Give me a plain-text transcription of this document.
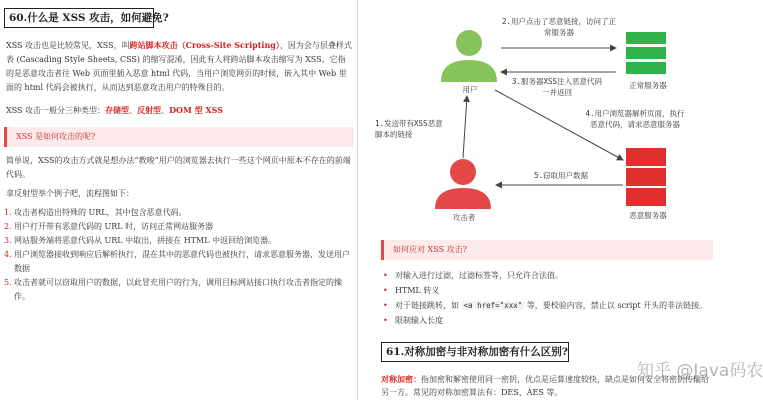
60.什么是 XSS 攻击，如何避免?

XSS 攻击也是比较常见，XSS，叫跨站脚本攻击（Cross-Site Scripting），因为会与层叠样式表 (Cascading Style Sheets, CSS) 的缩写混淆，因此有人将跨站脚本攻击缩写为 XSS。它指的是恶意攻击者往 Web 页面里插入恶意 html 代码，当用户浏览网页的时候，嵌入其中 Web 里面的 html 代码会被执行，从而达到恶意攻击用户的特殊目的。

XSS 攻击一般分三种类型：存储型、反射型、DOM 型 XSS

XSS 是如何攻击的呢?

简单说，XSS的攻击方式就是想办法“教唆”用户的浏览器去执行一些这个网页中原本不存在的前端代码。

拿反射型举个例子吧，流程图如下：

1. 攻击者构造出特殊的 URL，其中包含恶意代码。
2. 用户打开带有恶意代码的 URL 时，访问正常网站服务器
3. 网站服务端将恶意代码从 URL 中取出，拼接在 HTML 中返回给浏览器。
4. 用户浏览器接收到响应后解析执行，混在其中的恶意代码也被执行，请求恶意服务器，发送用户数据
5. 攻击者就可以窃取用户的数据，以此冒充用户的行为，调用目标网站接口执行攻击者指定的操作。
2.用户点击了恶意链接，访问了正
常服务器
3.服务器XSS注入恶意代码
一并返回
用户
1.发送带有XSS恶意
脚本的链接
4.用户浏览器解析页面，执行
恶意代码，请求恶意服务器
5.窃取用户数据
正常服务器
恶意服务器
攻击者
如何应对 XSS 攻击?
• 对输入进行过滤，过滤标签等，只允许合法值。
• HTML 转义
• 对于链接跳转，如 <a href="xxx" 等，要校验内容，禁止以 script 开头的非法链接。
• 限制输入长度
61.对称加密与非对称加密有什么区别?

对称加密：指加密和解密使用同一密钥，优点是运算速度较快，缺点是如何安全将密钥传输给另一方。常见的对称加密算法有：DES、AES 等。

知乎 @Java码农
